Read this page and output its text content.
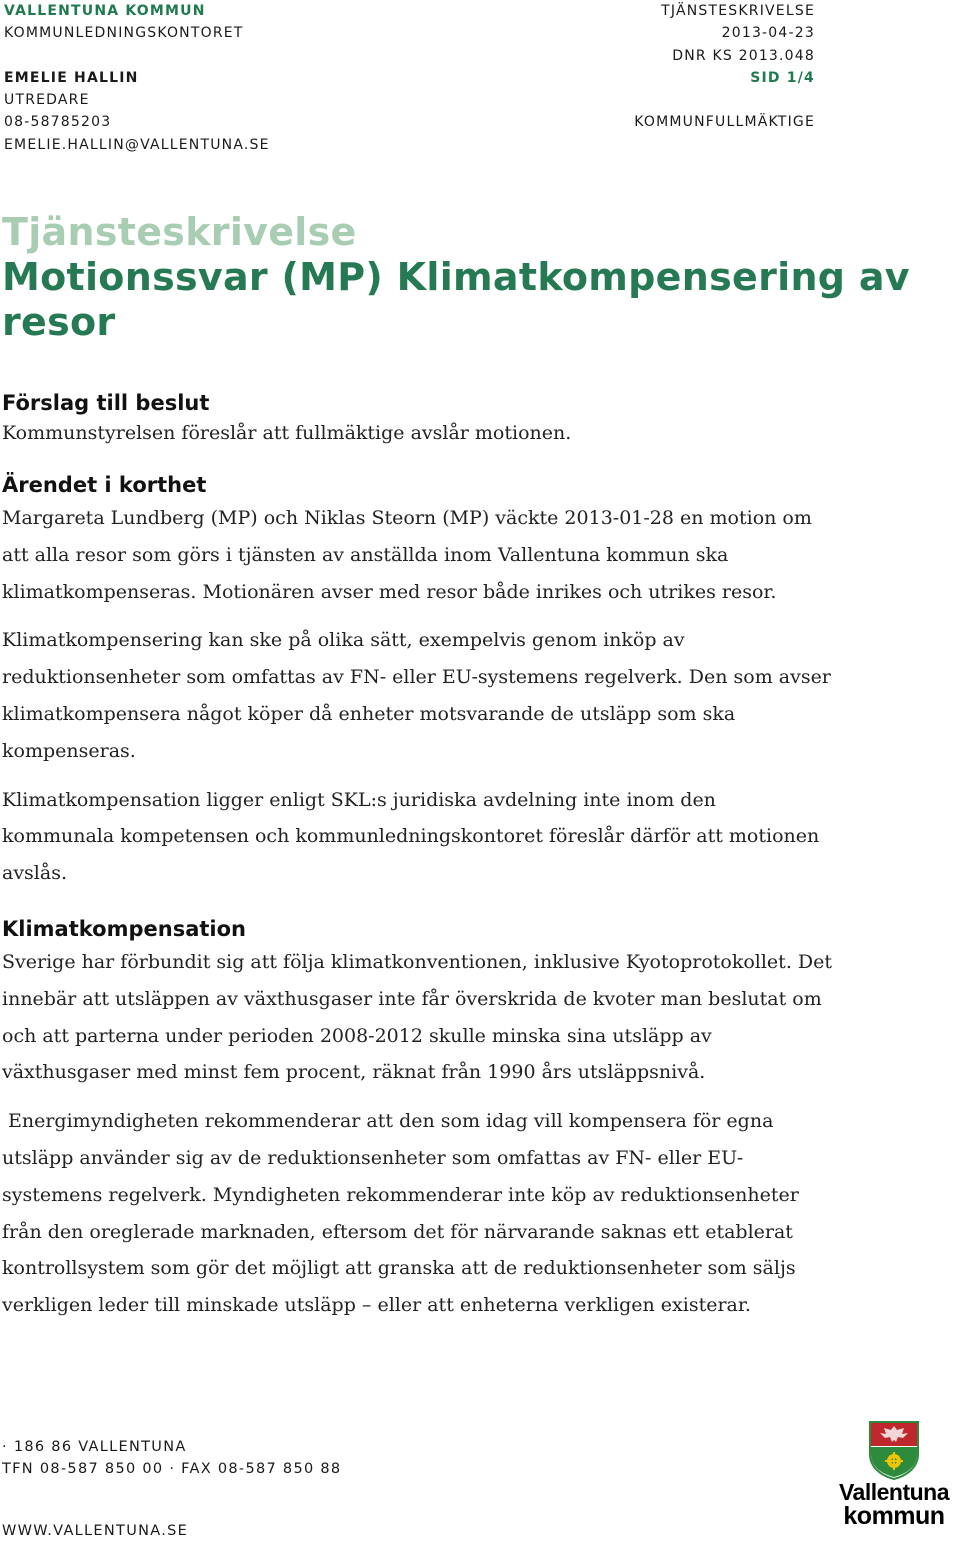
VALLENTUNA KOMMUN
KOMMUNLEDNINGSKONTORET
EMELIE HALLIN
UTREDARE
08-58785203
EMELIE.HALLIN@VALLENTUNA.SE
TJÄNSTESKRIVELSE
2013-04-23
DNR KS 2013.048
SID 1/4
KOMMUNFULLMÄKTIGE
Tjänsteskrivelse
Motionssvar (MP) Klimatkompensering av resor
Förslag till beslut

Kommunstyrelsen föreslår att fullmäktige avslår motionen.

Ärendet i korthet

Margareta Lundberg (MP) och Niklas Steorn (MP) väckte 2013-01-28 en motion om att alla resor som görs i tjänsten av anställda inom Vallentuna kommun ska klimatkompenseras. Motionären avser med resor både inrikes och utrikes resor.

Klimatkompensering kan ske på olika sätt, exempelvis genom inköp av reduktionsenheter som omfattas av FN- eller EU-systemens regelverk. Den som avser klimatkompensera något köper då enheter motsvarande de utsläpp som ska kompenseras.

Klimatkompensation ligger enligt SKL:s juridiska avdelning inte inom den kommunala kompetensen och kommunledningskontoret föreslår därför att motionen avslås.

Klimatkompensation

Sverige har förbundit sig att följa klimatkonventionen, inklusive Kyotoprotokollet. Det innebär att utsläppen av växthusgaser inte får överskrida de kvoter man beslutat om och att parterna under perioden 2008-2012 skulle minska sina utsläpp av växthusgaser med minst fem procent, räknat från 1990 års utsläppsnivå.

Energimyndigheten rekommenderar att den som idag vill kompensera för egna utsläpp använder sig av de reduktionsenheter som omfattas av FN- eller EU-systemens regelverk. Myndigheten rekommenderar inte köp av reduktionsenheter från den oreglerade marknaden, eftersom det för närvarande saknas ett etablerat kontrollsystem som gör det möjligt att granska att de reduktionsenheter som säljs verkligen leder till minskade utsläpp – eller att enheterna verkligen existerar.

· 186 86 VALLENTUNA
TFN 08-587 850 00 · FAX 08-587 850 88
WWW.VALLENTUNA.SE
Vallentuna
kommun
